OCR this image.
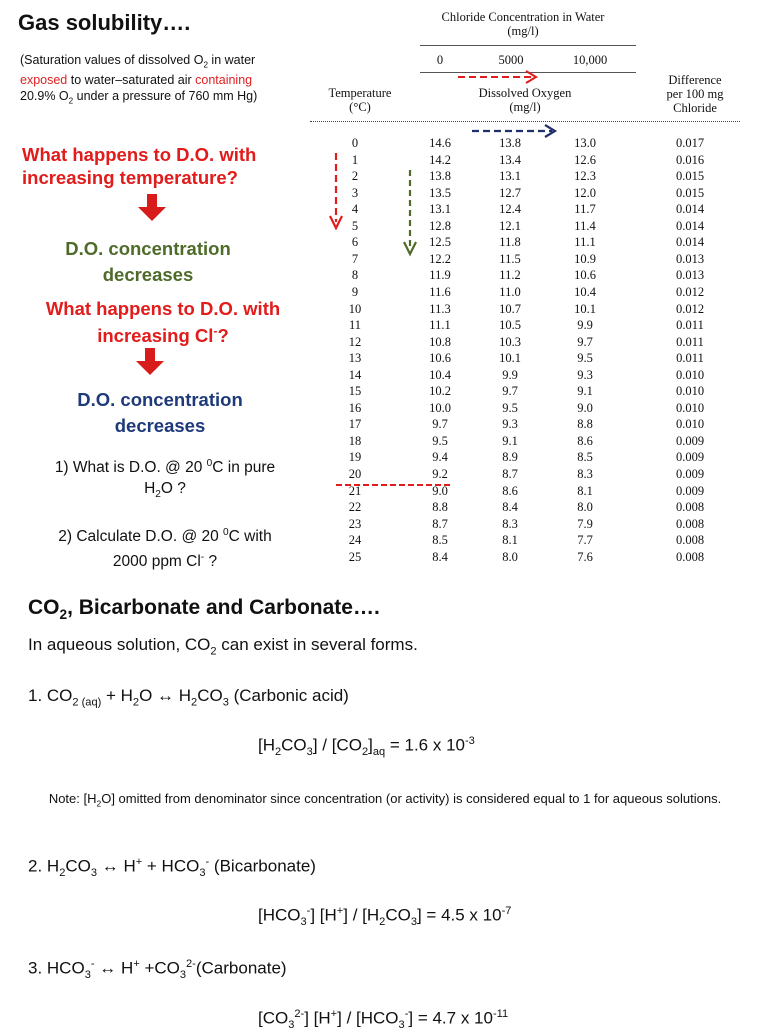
Gas solubility….
(Saturation values of dissolved $O_2$ in water exposed to water–saturated air containing 20.9% $O_2$ under a pressure of 760 mm Hg)
What happens to D.O. with
increasing temperature?
D.O. concentration
decreases
What happens to D.O. with
increasing Cl-?
D.O. concentration
decreases
1) What is D.O. @ 20 $^0$C in pure
$H_2O$ ?
2) Calculate D.O. @ 20 $^0$C with
2000 ppm Cl- ?
Chloride Concentration in Water
(mg/l)
0	5000	10,000
Temperature
(°C)
Dissolved Oxygen
(mg/l)
Difference
per 100 mg
Chloride
0	14.6	13.8	13.0	0.017
1	14.2	13.4	12.6	0.016
2	13.8	13.1	12.3	0.015
3	13.5	12.7	12.0	0.015
4	13.1	12.4	11.7	0.014
5	12.8	12.1	11.4	0.014
6	12.5	11.8	11.1	0.014
7	12.2	11.5	10.9	0.013
8	11.9	11.2	10.6	0.013
9	11.6	11.0	10.4	0.012
10	11.3	10.7	10.1	0.012
11	11.1	10.5	9.9	0.011
12	10.8	10.3	9.7	0.011
13	10.6	10.1	9.5	0.011
14	10.4	9.9	9.3	0.010
15	10.2	9.7	9.1	0.010
16	10.0	9.5	9.0	0.010
17	9.7	9.3	8.8	0.010
18	9.5	9.1	8.6	0.009
19	9.4	8.9	8.5	0.009
20	9.2	8.7	8.3	0.009
21	9.0	8.6	8.1	0.009
22	8.8	8.4	8.0	0.008
23	8.7	8.3	7.9	0.008
24	8.5	8.1	7.7	0.008
25	8.4	8.0	7.6	0.008
$CO_2$, Bicarbonate and Carbonate….
In aqueous solution, $CO_2$ can exist in several forms.
1. $CO_{2 (aq)} + H_2O$ ↔ $H_2CO_3$ (Carbonic acid)
$[H_2CO_3] / [CO_2]_{aq} = 1.6$ x $10^{-3}$
Note: $[H_2O]$ omitted from denominator since concentration (or activity) is considered equal to 1 for aqueous solutions.
2. $H_2CO_3$ ↔ $H^+ + HCO_3^-$ (Bicarbonate)
$[HCO_3^-]$ $[H^+] / [H_2CO_3] = 4.5$ x $10^{-7}$
3. $HCO_3^-$ ↔ $H^+ +CO_3^{2-}(Carbonate)$
$[CO_3^{2-}]$ $[H^+] / [HCO_3^-] = 4.7$ x $10^{-11}$
